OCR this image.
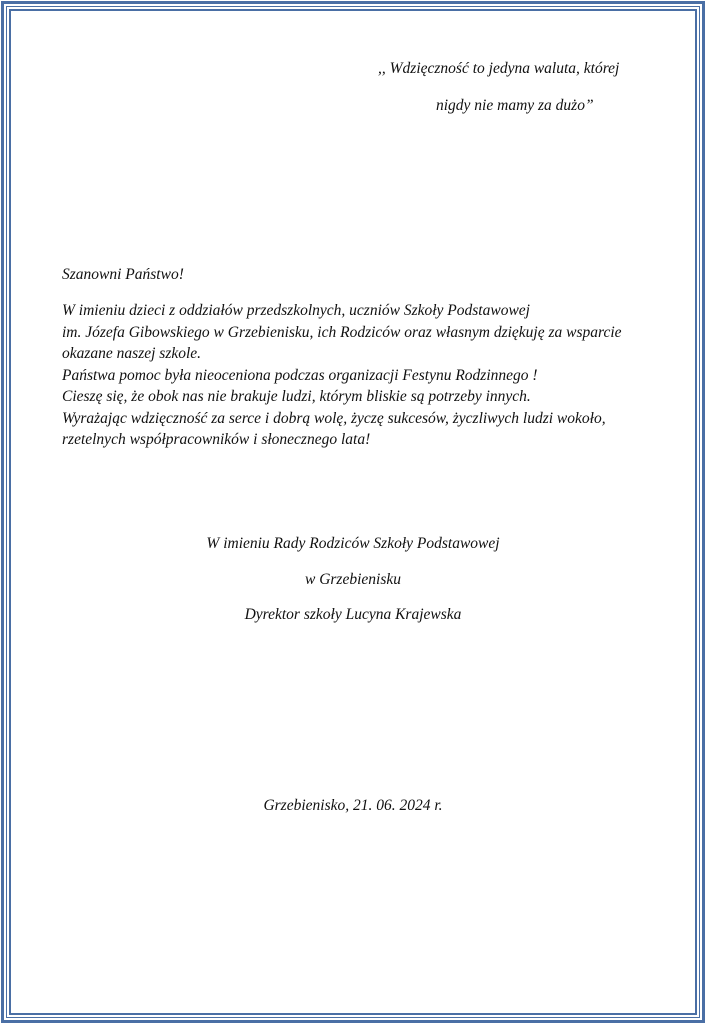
,, Wdzięczność to jedyna waluta, której
nigdy nie mamy za dużo”
Szanowni Państwo!

W imieniu dzieci z oddziałów przedszkolnych, uczniów Szkoły Podstawowej

im. Józefa Gibowskiego w Grzebienisku, ich Rodziców oraz własnym dziękuję za wsparcie

okazane naszej szkole.

Państwa pomoc była nieoceniona podczas organizacji Festynu Rodzinnego !

Cieszę się, że obok nas nie brakuje ludzi, którym bliskie są potrzeby innych.

Wyrażając wdzięczność za serce i dobrą wolę, życzę sukcesów, życzliwych ludzi wokoło,

rzetelnych współpracowników i słonecznego lata!

W imieniu Rady Rodziców Szkoły Podstawowej
w Grzebienisku
Dyrektor szkoły Lucyna Krajewska
Grzebienisko, 21. 06. 2024 r.
